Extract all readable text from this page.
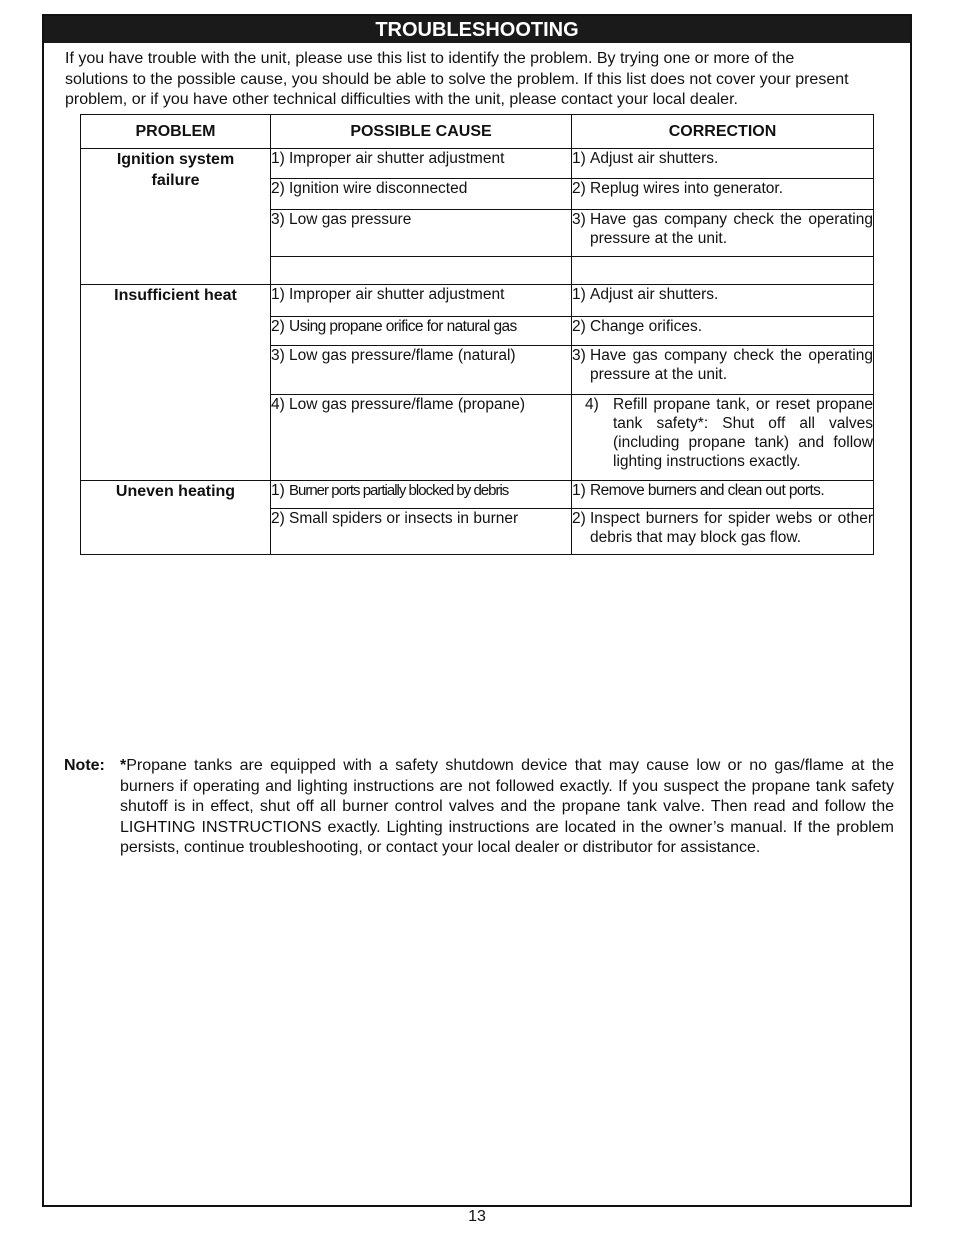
TROUBLESHOOTING

If you have trouble with the unit, please use this list to identify the problem. By trying one or more of the solutions to the possible cause, you should be able to solve the problem. If this list does not cover your present problem, or if you have other technical difficulties with the unit, please contact your local dealer.

PROBLEM	POSSIBLE CAUSE	CORRECTION
Ignition system failure	1) Improper air shutter adjustment	1) Adjust air shutters.

	2) Ignition wire disconnected	2) Replug wires into generator.

	3) Low gas pressure	3) Have gas company check the operating pressure at the unit.

Insufficient heat	1) Improper air shutter adjustment	1) Adjust air shutters.

	2) Using propane orifice for natural gas	2) Change orifices.

	3) Low gas pressure/flame (natural)	3) Have gas company check the operating pressure at the unit.

	4) Low gas pressure/flame (propane)	4) Refill propane tank, or reset propane tank safety*: Shut off all valves (including propane tank) and follow lighting instructions exactly.

Uneven heating	1) Burner ports partially blocked by debris	1) Remove burners and clean out ports.

	2) Small spiders or insects in burner	2) Inspect burners for spider webs or other debris that may block gas flow.
Note: *Propane tanks are equipped with a safety shutdown device that may cause low or no gas/flame at the burners if operating and lighting instructions are not followed exactly. If you suspect the propane tank safety shutoff is in effect, shut off all burner control valves and the propane tank valve. Then read and follow the LIGHTING INSTRUCTIONS exactly. Lighting instructions are located in the owner’s manual. If the problem persists, continue troubleshooting, or contact your local dealer or distributor for assistance.
13
